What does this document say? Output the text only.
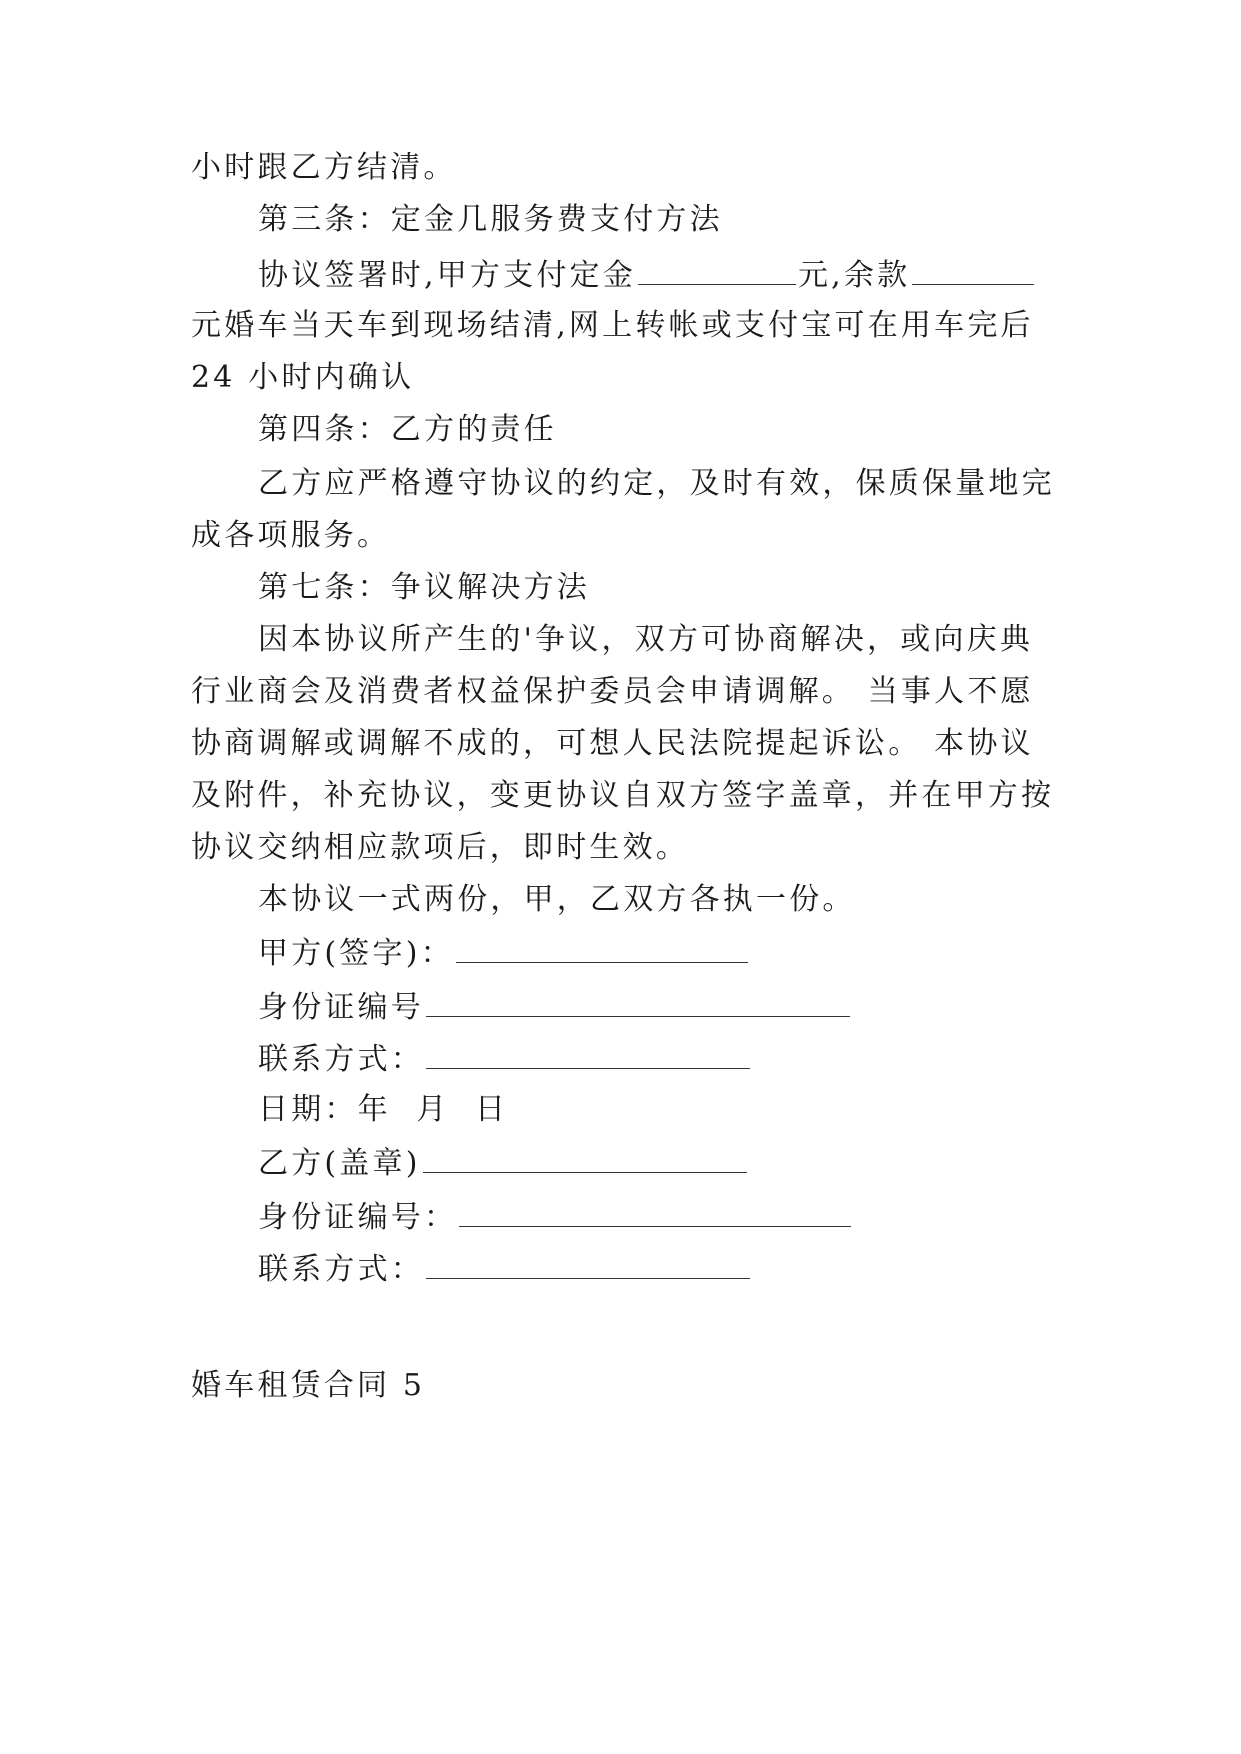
小时跟乙方结清。
第三条：定金几服务费支付方法
协议签署时,甲方支付定金	元,余款
元婚车当天车到现场结清,网上转帐或支付宝可在用车完后
24 小时内确认
第四条：乙方的责任
乙方应严格遵守协议的约定，及时有效，保质保量地完
成各项服务。
第七条：争议解决方法
因本协议所产生的'争议，双方可协商解决，或向庆典
行业商会及消费者权益保护委员会申请调解。 当事人不愿
协商调解或调解不成的，可想人民法院提起诉讼。 本协议
及附件，补充协议，变更协议自双方签字盖章，并在甲方按
协议交纳相应款项后，即时生效。
本协议一式两份，甲，乙双方各执一份。
甲方(签字)：
身份证编号
联系方式：
日期：年  月  日
乙方(盖章)
身份证编号：
联系方式：
婚车租赁合同 5
